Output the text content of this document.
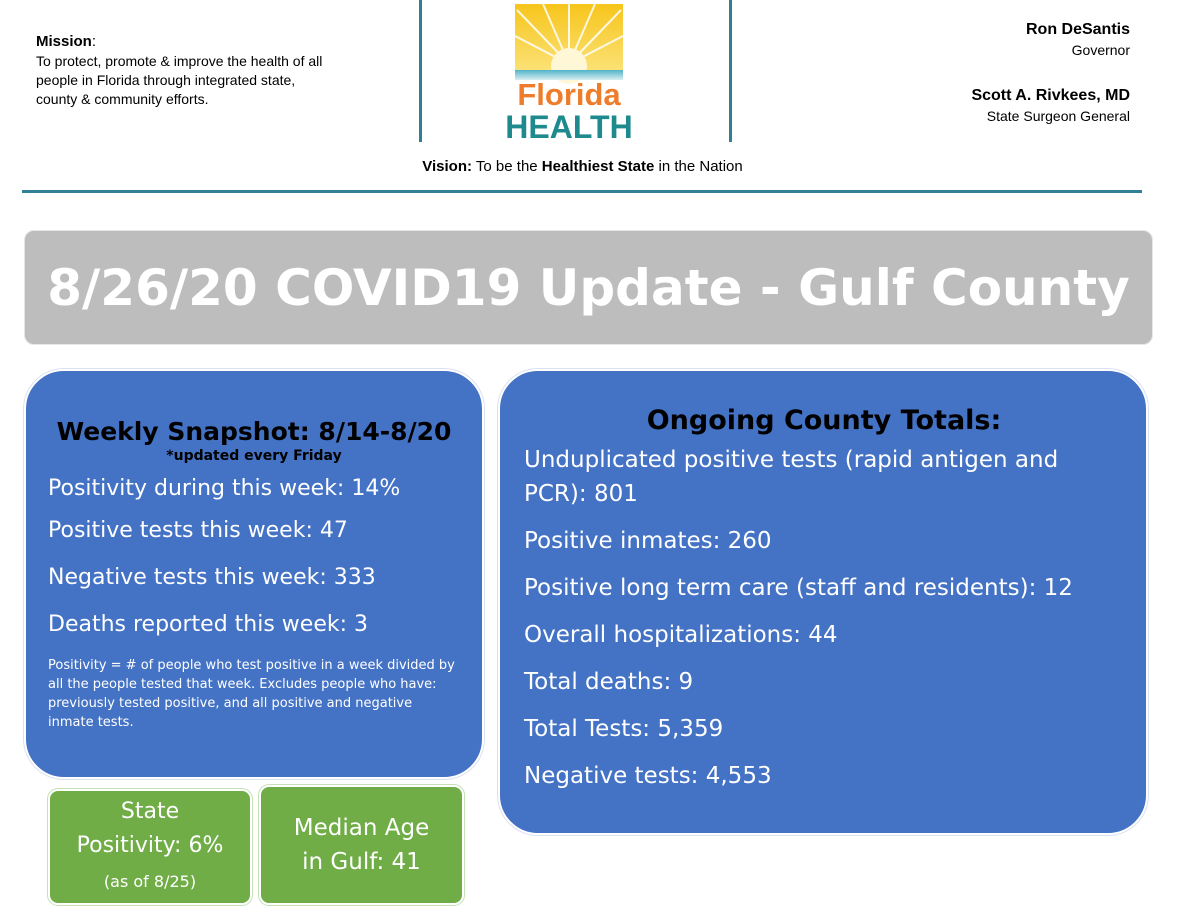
Mission:
To protect, promote & improve the health of all people in Florida through integrated state, county & community efforts.	Florida
HEALTH
Vision: To be the Healthiest State in the Nation
Ron DeSantis
Governor
Scott A. Rivkees, MD
State Surgeon General
8/26/20 COVID19 Update - Gulf County
Weekly Snapshot: 8/14-8/20
*updated every Friday
Positivity during this week: 14%
Positive tests this week: 47
Negative tests this week: 333
Deaths reported this week: 3
Positivity = # of people who test positive in a week divided by all the people tested that week. Excludes people who have: previously tested positive, and all positive and negative inmate tests.
Ongoing County Totals:
Unduplicated positive tests (rapid antigen and PCR): 801
Positive inmates: 260
Positive long term care (staff and residents): 12
Overall hospitalizations: 44
Total deaths: 9
Total Tests: 5,359
Negative tests: 4,553
State
Positivity: 6%
(as of 8/25)
Median Age
in Gulf: 41
